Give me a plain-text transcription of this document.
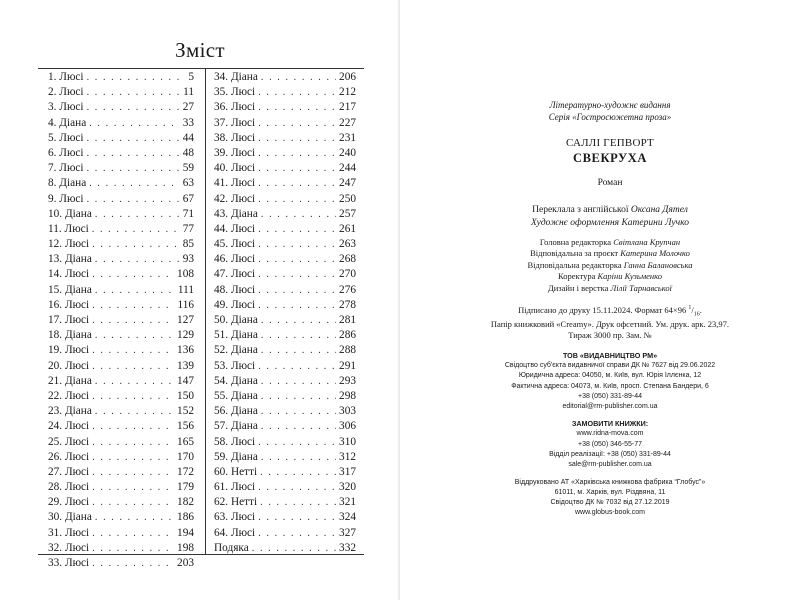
Зміст
1. Люсі . . .	5
2. Люсі . . .	11
3. Люсі . . .	27
4. Діана . . .	33
5. Люсі . . .	44
6. Люсі . . .	48
7. Люсі . . .	59
8. Діана . . .	63
9. Люсі . . .	67
10. Діана . . .	71
11. Люсі . . .	77
12. Люсі . . .	85
13. Діана . . .	93
14. Люсі . . .	108
15. Діана . . .	111
16. Люсі . . .	116
17. Люсі . . .	127
18. Діана . . .	129
19. Люсі . . .	136
20. Люсі . . .	139
21. Діана . . .	147
22. Люсі . . .	150
23. Діана . . .	152
24. Люсі . . .	156
25. Люсі . . .	165
26. Люсі . . .	170
27. Люсі . . .	172
28. Люсі . . .	179
29. Люсі . . .	182
30. Діана . . .	186
31. Люсі . . .	194
32. Люсі . . .	198
33. Люсі . . .	203
34. Діана . . .	206
35. Люсі . . .	212
36. Люсі . . .	217
37. Люсі . . .	227
38. Люсі . . .	231
39. Люсі . . .	240
40. Люсі . . .	244
41. Люсі . . .	247
42. Люсі . . .	250
43. Діана . . .	257
44. Люсі . . .	261
45. Люсі . . .	263
46. Люсі . . .	268
47. Люсі . . .	270
48. Люсі . . .	276
49. Люсі . . .	278
50. Діана . . .	281
51. Діана . . .	286
52. Діана . . .	288
53. Люсі . . .	291
54. Діана . . .	293
55. Діана . . .	298
56. Діана . . .	303
57. Діана . . .	306
58. Люсі . . .	310
59. Діана . . .	312
60. Нетті . . .	317
61. Люсі . . .	320
62. Нетті . . .	321
63. Люсі . . .	324
64. Люсі . . .	327
Подяка . . .	332
Літературно-художнє видання
Серія «Гостросюжетна проза»
САЛЛІ ГЕПВОРТ
СВЕКРУХА
Роман
Переклала з англійської Оксана Дятел
Художнє оформлення Катерини Лучко
Головна редакторка Світлана Крупчан
Відповідальна за проєкт Катерина Молочко
Відповідальна редакторка Ганна Балановська
Коректура Каріни Кузьменко
Дизайн і верстка Лілії Тарнавської
Підписано до друку 15.11.2024. Формат 64×96 $^1/_{16}$.
Папір книжковий «Creamy». Друк офсетний. Ум. друк. арк. 23,97.
Тираж 3000 пр. Зам. №
ТОВ «ВИДАВНИЦТВО РМ»
Свідоцтво суб'єкта видавничої справи ДК № 7627 від 29.06.2022
Юридична адреса: 04050, м. Київ, вул. Юрія Іллєнка, 12
Фактична адреса: 04073, м. Київ, просп. Степана Бандери, 6
+38 (050) 331-89-44
editorial@rm-publisher.com.ua
ЗАМОВИТИ КНИЖКИ:
www.ridna-mova.com
+38 (050) 346-55-77
Відділ реалізації: +38 (050) 331-89-44
sale@rm-publisher.com.ua
Віддруковано АТ «Харківська книжкова фабрика “Глобус”»
61011, м. Харків, вул. Різдвяна, 11
Свідоцтво ДК № 7032 від 27.12.2019
www.globus-book.com
